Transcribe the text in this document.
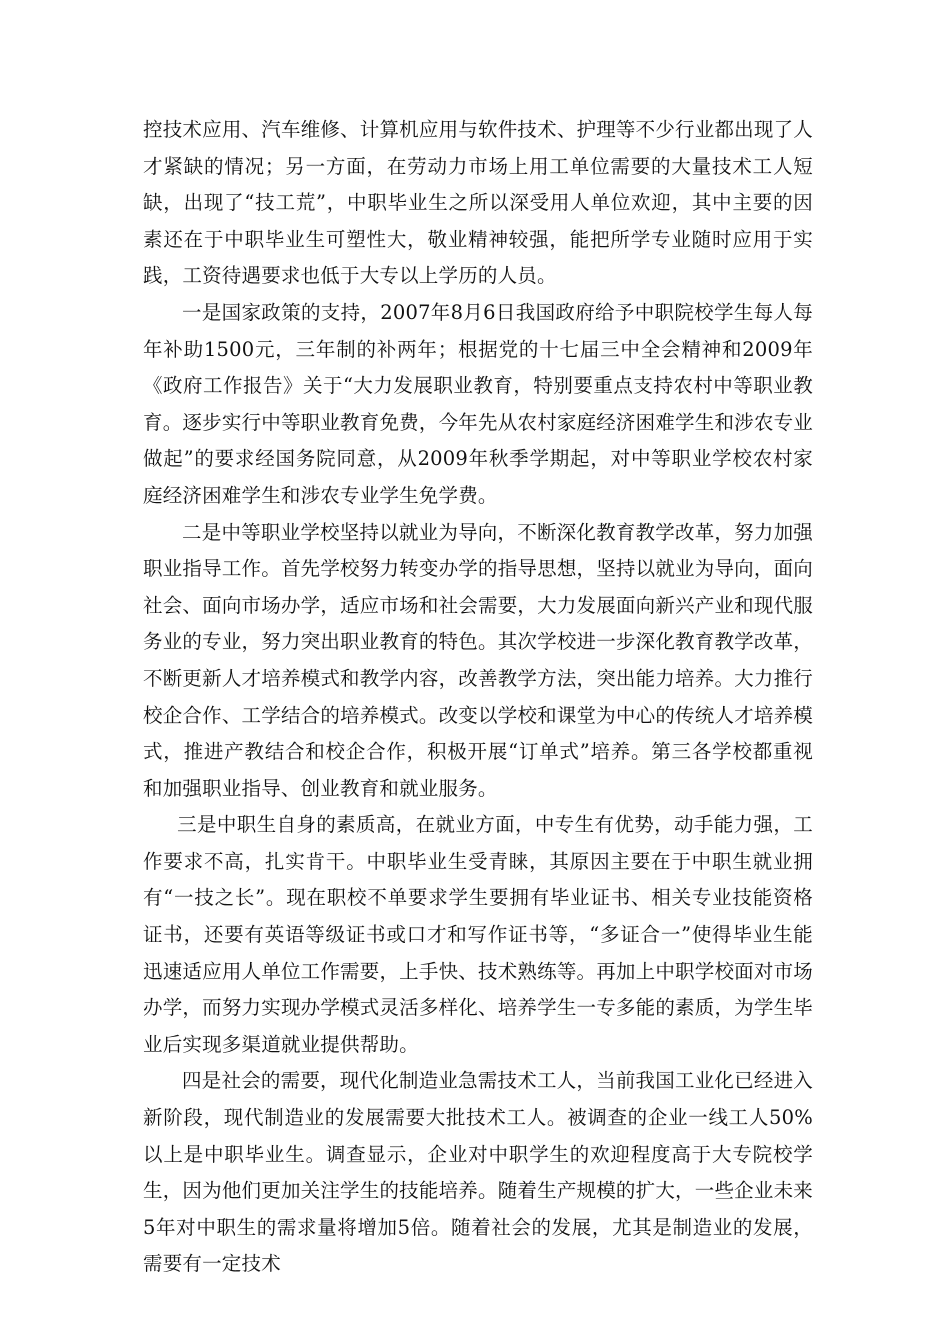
控技术应用、汽车维修、计算机应用与软件技术、护理等不少行业都出现了人才紧缺的情况；另一方面，在劳动力市场上用工单位需要的大量技术工人短缺，出现了“技工荒”，中职毕业生之所以深受用人单位欢迎，其中主要的因素还在于中职毕业生可塑性大，敬业精神较强，能把所学专业随时应用于实践，工资待遇要求也低于大专以上学历的人员。

一是国家政策的支持，2007年8月6日我国政府给予中职院校学生每人每年补助1500元，三年制的补两年；根据党的十七届三中全会精神和2009年《政府工作报告》关于“大力发展职业教育，特别要重点支持农村中等职业教育。逐步实行中等职业教育免费，今年先从农村家庭经济困难学生和涉农专业做起”的要求经国务院同意，从2009年秋季学期起，对中等职业学校农村家庭经济困难学生和涉农专业学生免学费。

二是中等职业学校坚持以就业为导向，不断深化教育教学改革，努力加强职业指导工作。首先学校努力转变办学的指导思想，坚持以就业为导向，面向社会、面向市场办学，适应市场和社会需要，大力发展面向新兴产业和现代服务业的专业，努力突出职业教育的特色。其次学校进一步深化教育教学改革，不断更新人才培养模式和教学内容，改善教学方法，突出能力培养。大力推行校企合作、工学结合的培养模式。改变以学校和课堂为中心的传统人才培养模式，推进产教结合和校企合作，积极开展“订单式”培养。第三各学校都重视和加强职业指导、创业教育和就业服务。

三是中职生自身的素质高，在就业方面，中专生有优势，动手能力强，工作要求不高，扎实肯干。中职毕业生受青睐，其原因主要在于中职生就业拥有“一技之长”。现在职校不单要求学生要拥有毕业证书、相关专业技能资格证书，还要有英语等级证书或口才和写作证书等，“多证合一”使得毕业生能迅速适应用人单位工作需要，上手快、技术熟练等。再加上中职学校面对市场办学，而努力实现办学模式灵活多样化、培养学生一专多能的素质，为学生毕业后实现多渠道就业提供帮助。

四是社会的需要，现代化制造业急需技术工人，当前我国工业化已经进入新阶段，现代制造业的发展需要大批技术工人。被调查的企业一线工人50%以上是中职毕业生。调查显示，企业对中职学生的欢迎程度高于大专院校学生，因为他们更加关注学生的技能培养。随着生产规模的扩大，一些企业未来5年对中职生的需求量将增加5倍。随着社会的发展，尤其是制造业的发展，需要有一定技术
